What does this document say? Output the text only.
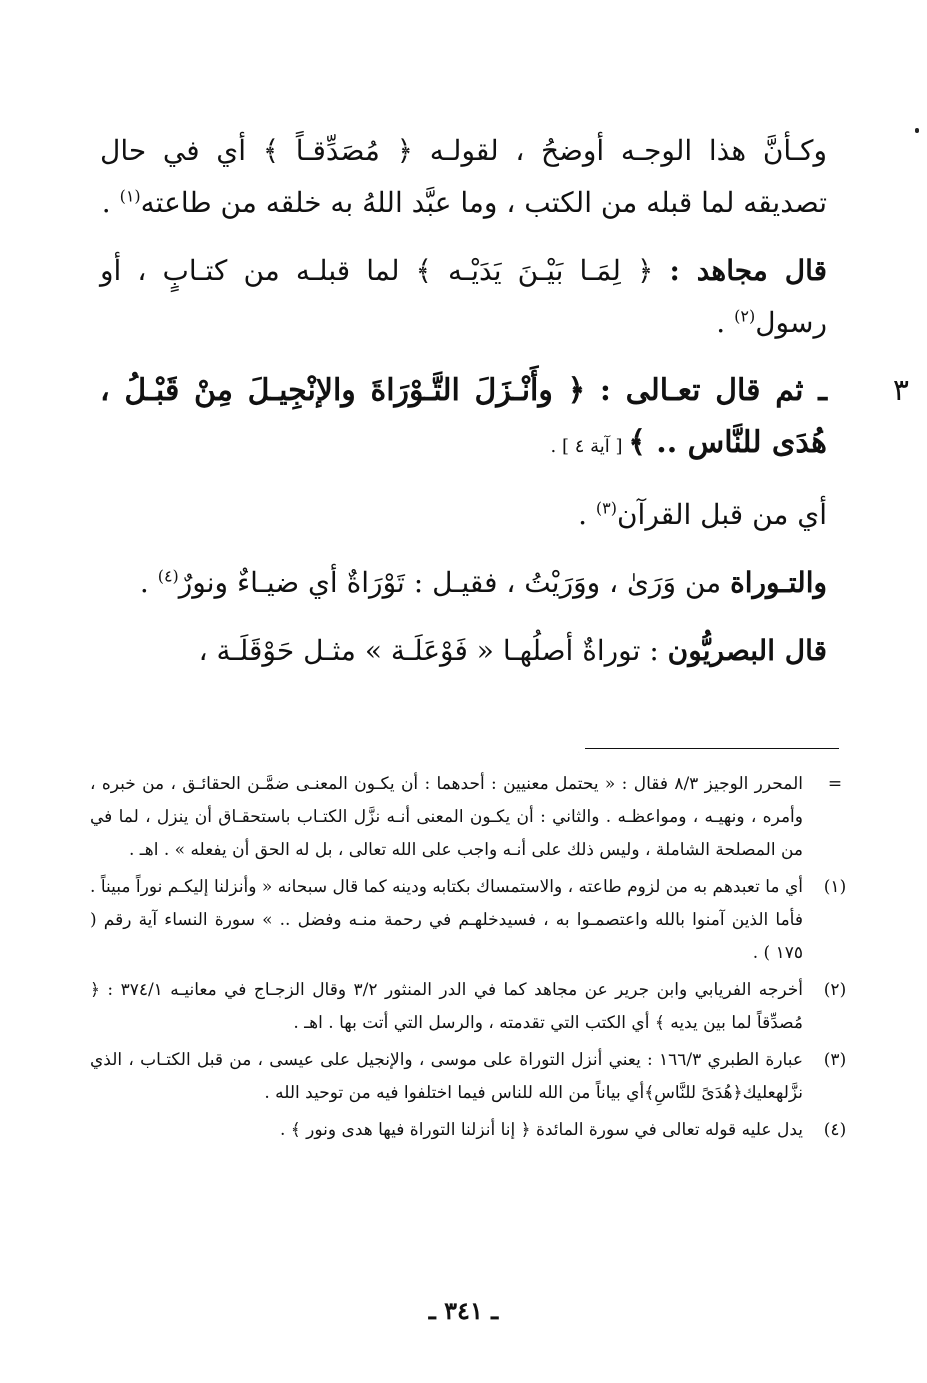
وكـأنَّ هذا الوجـه أوضحُ ، لقولـه ﴿ مُصَدِّقـاً ﴾ أي في حال تصديقه لما قبله من الكتب ، وما عبَّد اللهُ به خلقه من طاعته$^{(١)}$ .

قال مجاهد : ﴿ لِمَـا بَيْـنَ يَدَيْـه ﴾ لما قبلـه من كتـابٍ ، أو رسول$^{(٢)}$ .

٣
ـ ثم قال تعـالى : ﴿ وأَنْـزَلَ التَّـوْرَاةَ والإنْجِيـلَ مِنْ قَبْـلُ ، هُدَى للنَّاس .. ﴾ [ آية ٤ ] .

أي من قبل القرآن$^{(٣)}$ .

والتـوراة من وَرَىٰ ، ووَرَيْتُ ، فقيـل : تَوْرَاةٌ أي ضيـاءٌ ونورٌ$^{(٤)}$ .

قال البصريُّون : توراةٌ أصلُهـا « فَوْعَلَـة » مثـل حَوْقَلَـة ،

=
المحرر الوجيز ٨/٣ فقال : « يحتمل معنيين : أحدهما : أن يكـون المعنـى ضمَّـن الحقائـق ، من خبره ، وأمره ، ونهيـه ، ومواعظـه . والثاني : أن يكـون المعنى أنـه نزَّل الكتـاب باستحقـاق أن ينزل ، لما في من المصلحة الشاملة ، وليس ذلك على أنـه واجب على الله تعالى ، بل له الحق أن يفعله » . اهـ .
(١)
أي ما تعبدهم به من لزوم طاعته ، والاستمساك بكتابه ودينه كما قال سبحانه « وأنزلنا إليكـم نوراً مبيناً . فأما الذين آمنوا بالله واعتصمـوا به ، فسيدخلهـم في رحمة منـه وفضل .. » سورة النساء آية رقم ( ١٧٥ ) .
(٢)
أخرجه الفريابي وابن جرير عن مجاهد كما في الدر المنثور ٣/٢ وقال الزجـاج في معانيـه ٣٧٤/١ : ﴿ مُصدِّقاً لما بين يديه ﴾ أي الكتب التي تقدمته ، والرسل التي أتت بها . اهـ .
(٣)
عبارة الطبري ١٦٦/٣ : يعني أنزل التوراة على موسى ، والإنجيل على عيسى ، من قبل الكتـاب ، الذي نزَّلهعليك﴿هُدَىً للنَّاسِ﴾أي بياناً من الله للناس فيما اختلفوا فيه من توحيد الله .
(٤)
يدل عليه قوله تعالى في سورة المائدة ﴿ إنا أنزلنا التوراة فيها هدى ونور ﴾ .
ـ ٣٤١ ـ
